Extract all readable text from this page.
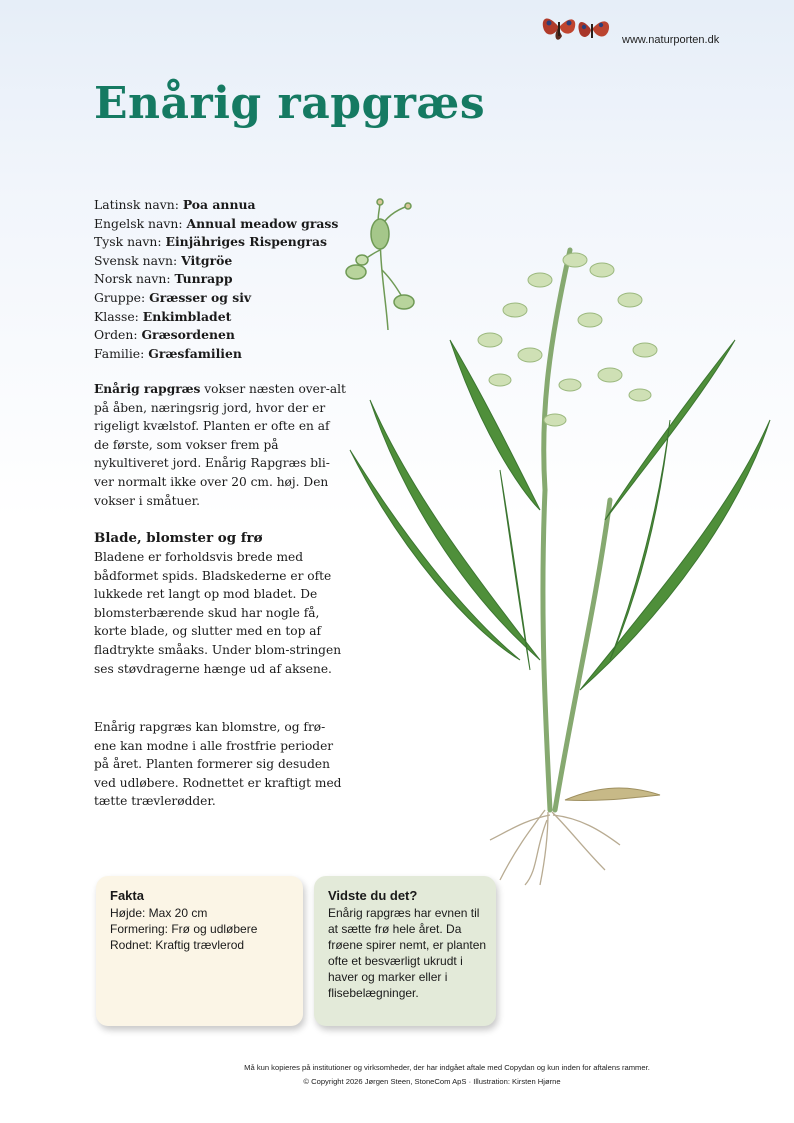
www.naturporten.dk
Enårig rapgræs
Latinsk navn: Poa annua
Engelsk navn: Annual meadow grass
Tysk navn: Einjähriges Rispengras
Svensk navn: Vitgröe
Norsk navn: Tunrapp
Gruppe: Græsser og siv
Klasse: Enkimbladet
Orden: Græsordenen
Familie: Græsfamilien

Enårig rapgræs vokser næsten over-alt på åben, næringsrig jord, hvor der er rigeligt kvælstof. Planten er ofte en af de første, som vokser frem på nykultiveret jord. Enårig Rapgræs bli-ver normalt ikke over 20 cm. høj. Den vokser i småtuer.

Blade, blomster og frø

Bladene er forholdsvis brede med bådformet spids. Bladskederne er ofte lukkede ret langt op mod bladet. De blomsterbærende skud har nogle få, korte blade, og slutter med en top af fladtrykte småaks. Under blom-stringen ses støvdragerne hænge ud af aksene.

Enårig rapgræs kan blomstre, og frø-ene kan modne i alle frostfrie perioder på året. Planten formerer sig desuden ved udløbere. Rodnettet er kraftigt med tætte trævlerødder.

Fakta
Højde: Max 20 cm
Formering: Frø og udløbere
Rodnet: Kraftig trævlerod
Vidste du det?
Enårig rapgræs har evnen til at sætte frø hele året. Da frøene spirer nemt, er planten ofte et besværligt ukrudt i haver og marker eller i flisebelægninger.
Må kun kopieres på institutioner og virksomheder, der har indgået aftale med Copydan og kun inden for aftalens rammer.
© Copyright 2026 Jørgen Steen, StoneCom ApS · Illustration: Kirsten Hjørne
